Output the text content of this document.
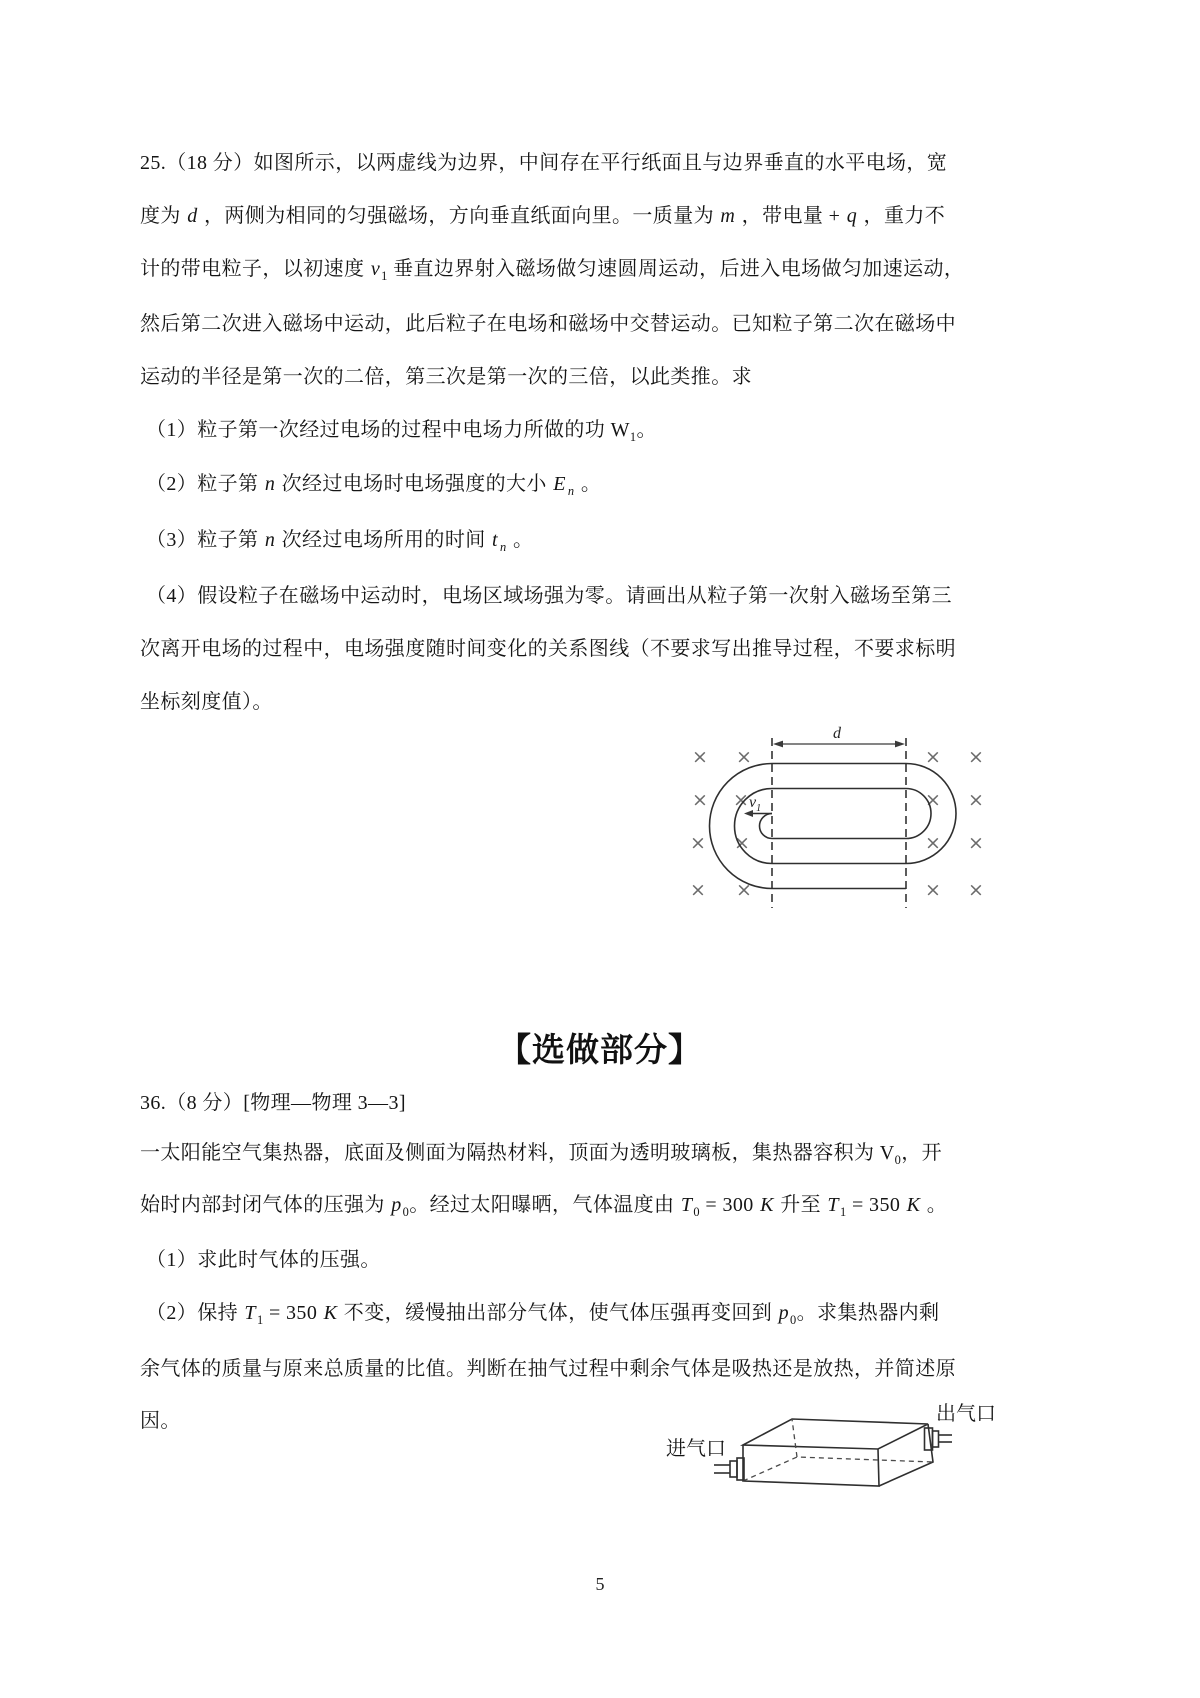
25.（18 分）如图所示，以两虚线为边界，中间存在平行纸面且与边界垂直的水平电场，宽
度为 d ，两侧为相同的匀强磁场，方向垂直纸面向里。一质量为 m ，带电量 + q ，重力不
计的带电粒子，以初速度 $v_1$ 垂直边界射入磁场做匀速圆周运动，后进入电场做匀加速运动，
然后第二次进入磁场中运动，此后粒子在电场和磁场中交替运动。已知粒子第二次在磁场中
运动的半径是第一次的二倍，第三次是第一次的三倍，以此类推。求
（1）粒子第一次经过电场的过程中电场力所做的功 $W_1$。
（2）粒子第 n 次经过电场时电场强度的大小 E $_n$ 。
（3）粒子第 n 次经过电场所用的时间 t $_n$ 。
（4）假设粒子在磁场中运动时，电场区域场强为零。请画出从粒子第一次射入磁场至第三
次离开电场的过程中，电场强度随时间变化的关系图线（不要求写出推导过程，不要求标明
坐标刻度值）。
× ×	× ×
× ×	× ×
× ×	× ×
× ×	× ×
d
$v_1$
【选做部分】
36.（8 分）[物理—物理 3—3]
一太阳能空气集热器，底面及侧面为隔热材料，顶面为透明玻璃板，集热器容积为 $V_0$，开
始时内部封闭气体的压强为 $p_0$。经过太阳曝晒，气体温度由 $T_0 = 300$ K 升至 $T_1 = 350$ K 。
（1）求此时气体的压强。
（2）保持 $T_1 = 350$ K 不变，缓慢抽出部分气体，使气体压强再变回到 $p_0$。求集热器内剩
余气体的质量与原来总质量的比值。判断在抽气过程中剩余气体是吸热还是放热，并简述原
因。
进气口
出气口
5
